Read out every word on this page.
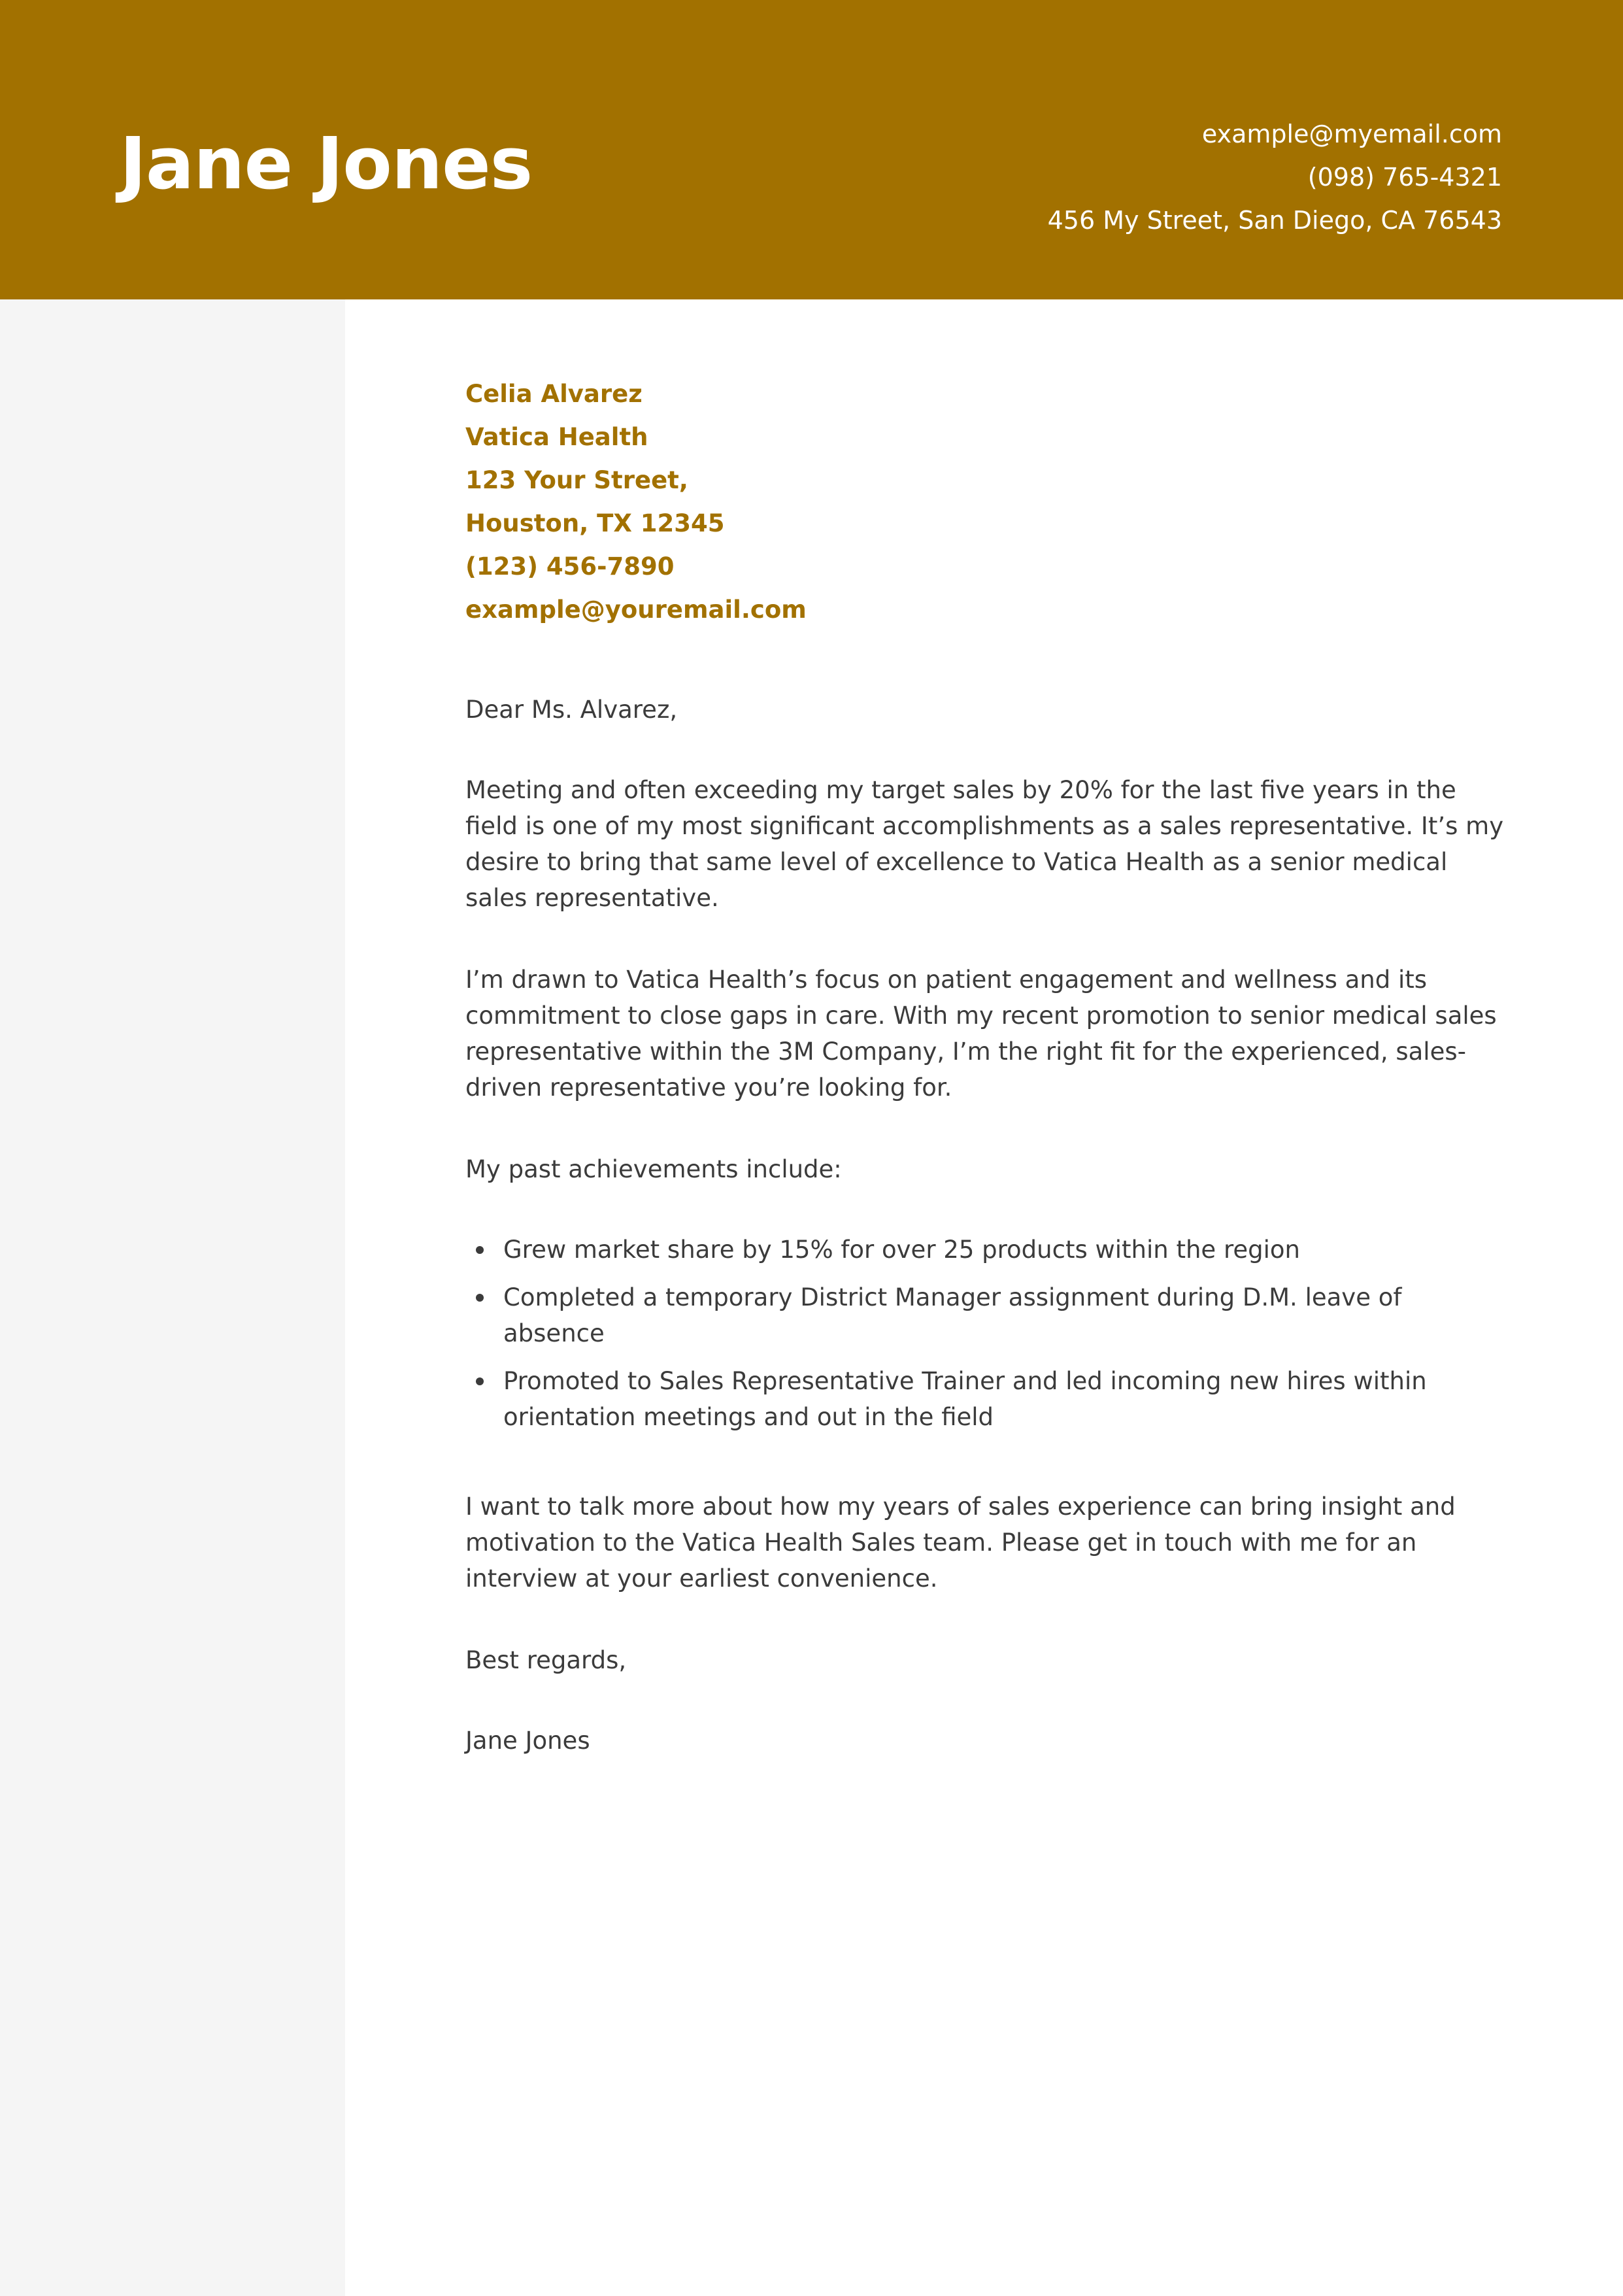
Jane Jones	example@myemail.com
(098) 765-4321
456 My Street, San Diego, CA 76543
Celia Alvarez
Vatica Health
123 Your Street,
Houston, TX 12345
(123) 456-7890
example@youremail.com

Dear Ms. Alvarez,

Meeting and often exceeding my target sales by 20% for the last five years in the field is one of my most significant accomplishments as a sales representative. It’s my desire to bring that same level of excellence to Vatica Health as a senior medical sales representative.

I’m drawn to Vatica Health’s focus on patient engagement and wellness and its commitment to close gaps in care. With my recent promotion to senior medical sales representative within the 3M Company, I’m the right fit for the experienced, sales-driven representative you’re looking for.

My past achievements include:

Grew market share by 15% for over 25 products within the region
Completed a temporary District Manager assignment during D.M. leave of absence
Promoted to Sales Representative Trainer and led incoming new hires within orientation meetings and out in the field

I want to talk more about how my years of sales experience can bring insight and motivation to the Vatica Health Sales team. Please get in touch with me for an interview at your earliest convenience.

Best regards,

Jane Jones
